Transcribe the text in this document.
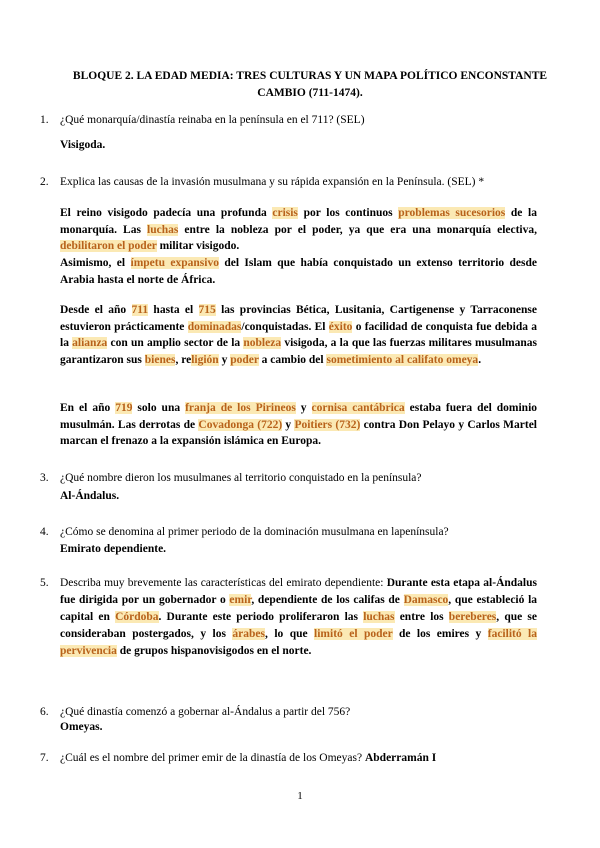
BLOQUE 2. LA EDAD MEDIA: TRES CULTURAS Y UN MAPA POLÍTICO ENCONSTANTE CAMBIO (711-1474).
1. ¿Qué monarquía/dinastía reinaba en la península en el 711? (SEL)
Visigoda.
2. Explica las causas de la invasión musulmana y su rápida expansión en la Península. (SEL) *
El reino visigodo padecía una profunda crisis por los continuos problemas sucesorios de la monarquía. Las luchas entre la nobleza por el poder, ya que era una monarquía electiva, debilitaron el poder militar visigodo.
Asimismo, el ímpetu expansivo del Islam que había conquistado un extenso territorio desde Arabia hasta el norte de África.
Desde el año 711 hasta el 715 las provincias Bética, Lusitania, Cartigenense y Tarraconense estuvieron prácticamente dominadas/conquistadas. El éxito o facilidad de conquista fue debida a la alianza con un amplio sector de la nobleza visigoda, a la que las fuerzas militares musulmanas garantizaron sus bienes, religión y poder a cambio del sometimiento al califato omeya.
En el año 719 solo una franja de los Pirineos y cornisa cantábrica estaba fuera del dominio musulmán. Las derrotas de Covadonga (722) y Poitiers (732) contra Don Pelayo y Carlos Martel marcan el frenazo a la expansión islámica en Europa.
3. ¿Qué nombre dieron los musulmanes al territorio conquistado en la península?
Al-Ándalus.
4. ¿Cómo se denomina al primer periodo de la dominación musulmana en lapenínsula?
Emirato dependiente.
5. Describa muy brevemente las características del emirato dependiente: Durante esta etapa al-Ándalus fue dirigida por un gobernador o emir, dependiente de los califas de Damasco, que estableció la capital en Córdoba. Durante este periodo proliferaron las luchas entre los bereberes, que se consideraban postergados, y los árabes, lo que limitó el poder de los emires y facilitó la pervivencia de grupos hispanovisigodos en el norte.
6. ¿Qué dinastía comenzó a gobernar al-Ándalus a partir del 756?
Omeyas.
7. ¿Cuál es el nombre del primer emir de la dinastía de los Omeyas? Abderramán I
1
